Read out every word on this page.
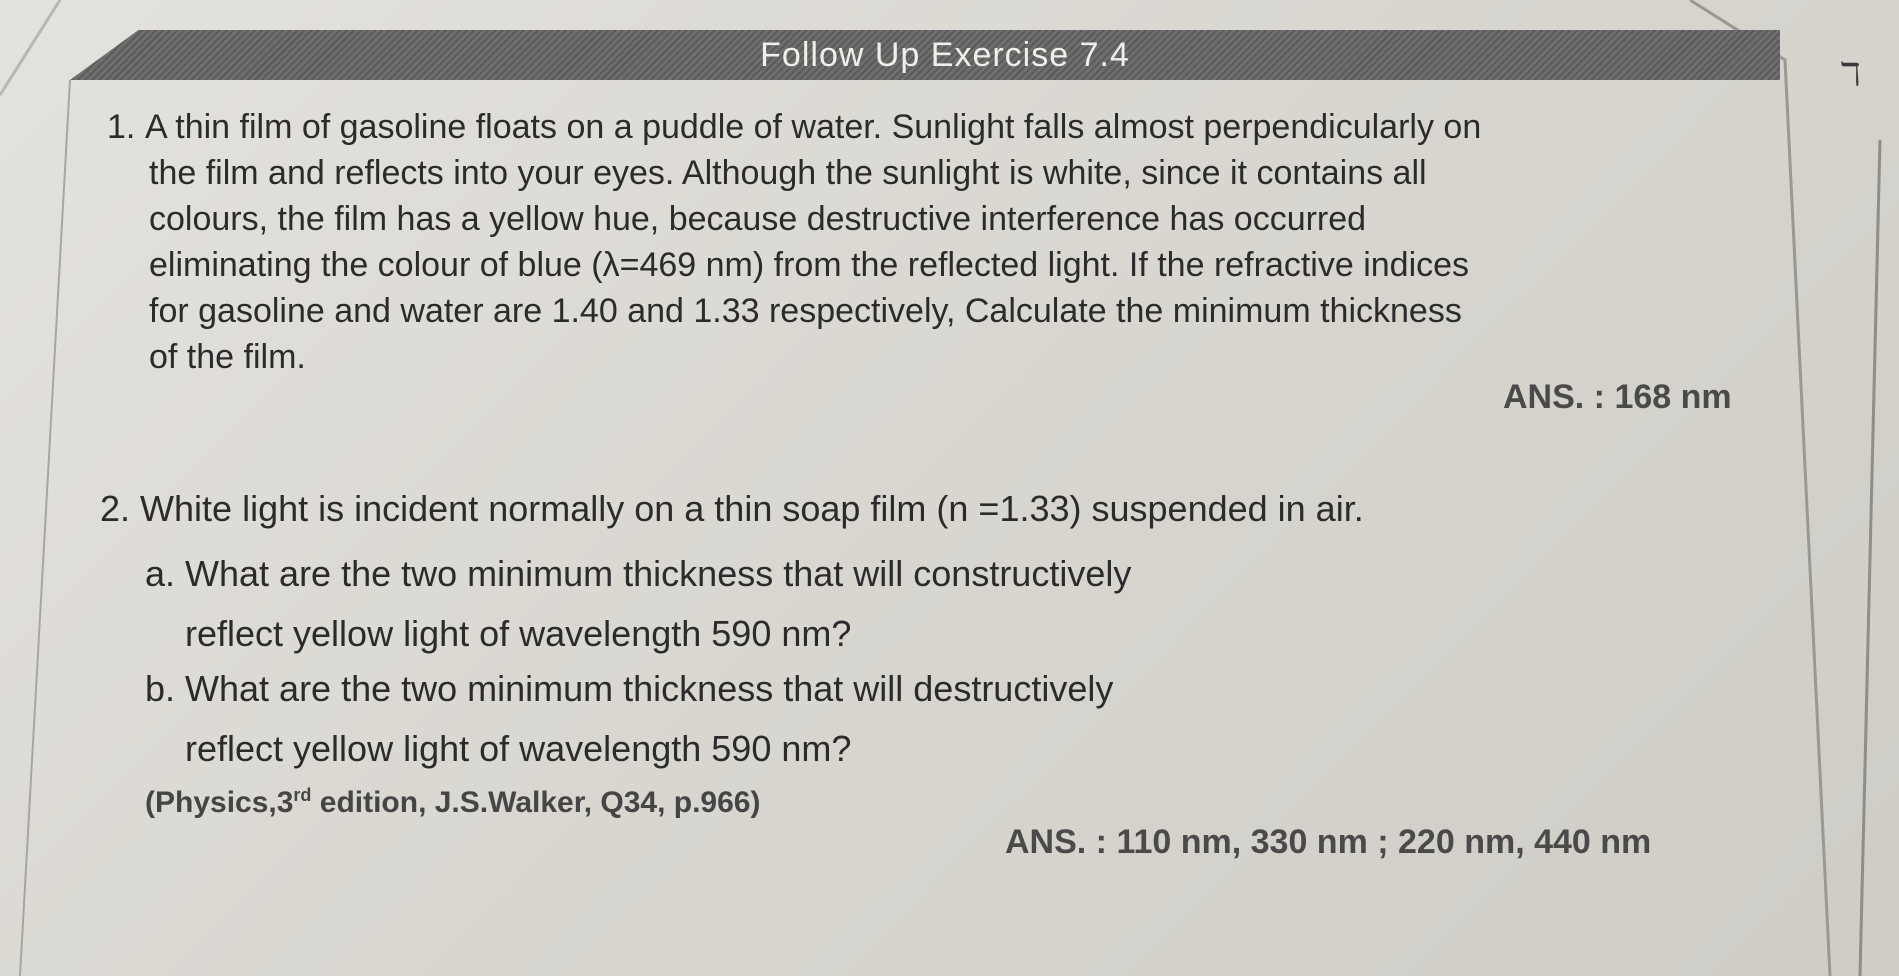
Follow Up Exercise 7.4	ℸ
1. A thin film of gasoline floats on a puddle of water. Sunlight falls almost perpendicularly on
the film and reflects into your eyes. Although the sunlight is white, since it contains all
colours, the film has a yellow hue, because destructive interference has occurred
eliminating the colour of blue (λ=469 nm) from the reflected light. If the refractive indices
for gasoline and water are 1.40 and 1.33 respectively, Calculate the minimum thickness
of the film.
ANS. : 168 nm
2. White light is incident normally on a thin soap film (n =1.33) suspended in air.
a. What are the two minimum thickness that will constructively
reflect yellow light of wavelength 590 nm?
b. What are the two minimum thickness that will destructively
reflect yellow light of wavelength 590 nm?
(Physics,3rd edition, J.S.Walker, Q34, p.966)
ANS. : 110 nm, 330 nm ; 220 nm, 440 nm
